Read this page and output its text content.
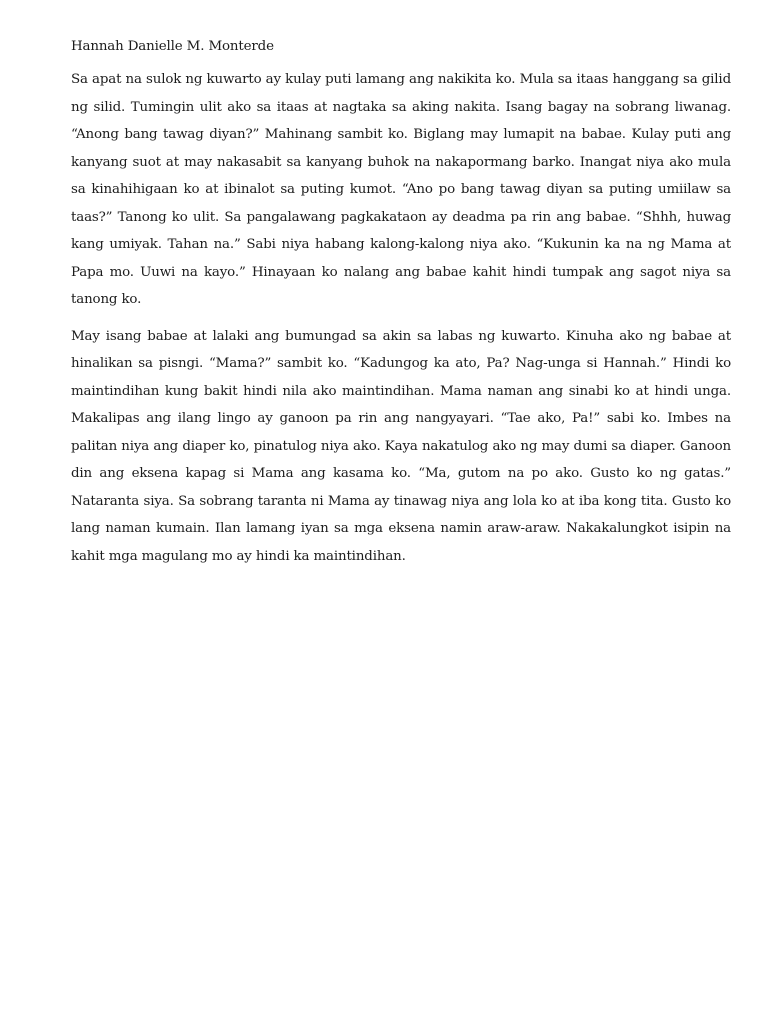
Hannah Danielle M. Monterde

Sa apat na sulok ng kuwarto ay kulay puti lamang ang nakikita ko. Mula sa itaas hanggang sa gilid ng silid. Tumingin ulit ako sa itaas at nagtaka sa aking nakita. Isang bagay na sobrang liwanag. “Anong bang tawag diyan?” Mahinang sambit ko. Biglang may lumapit na babae. Kulay puti ang kanyang suot at may nakasabit sa kanyang buhok na nakapormang barko. Inangat niya ako mula sa kinahihigaan ko at ibinalot sa puting kumot. “Ano po bang tawag diyan sa puting umiilaw sa taas?” Tanong ko ulit. Sa pangalawang pagkakataon ay deadma pa rin ang babae. “Shhh, huwag kang umiyak. Tahan na.” Sabi niya habang kalong-kalong niya ako. “Kukunin ka na ng Mama at Papa mo. Uuwi na kayo.” Hinayaan ko nalang ang babae kahit hindi tumpak ang sagot niya sa tanong ko.

May isang babae at lalaki ang bumungad sa akin sa labas ng kuwarto. Kinuha ako ng babae at hinalikan sa pisngi. “Mama?” sambit ko. “Kadungog ka ato, Pa? Nag-unga si Hannah.” Hindi ko maintindihan kung bakit hindi nila ako maintindihan. Mama naman ang sinabi ko at hindi unga. Makalipas ang ilang lingo ay ganoon pa rin ang nangyayari. “Tae ako, Pa!” sabi ko. Imbes na palitan niya ang diaper ko, pinatulog niya ako. Kaya nakatulog ako ng may dumi sa diaper. Ganoon din ang eksena kapag si Mama ang kasama ko. “Ma, gutom na po ako. Gusto ko ng gatas.” Nataranta siya. Sa sobrang taranta ni Mama ay tinawag niya ang lola ko at iba kong tita. Gusto ko lang naman kumain. Ilan lamang iyan sa mga eksena namin araw-araw. Nakakalungkot isipin na kahit mga magulang mo ay hindi ka maintindihan.
